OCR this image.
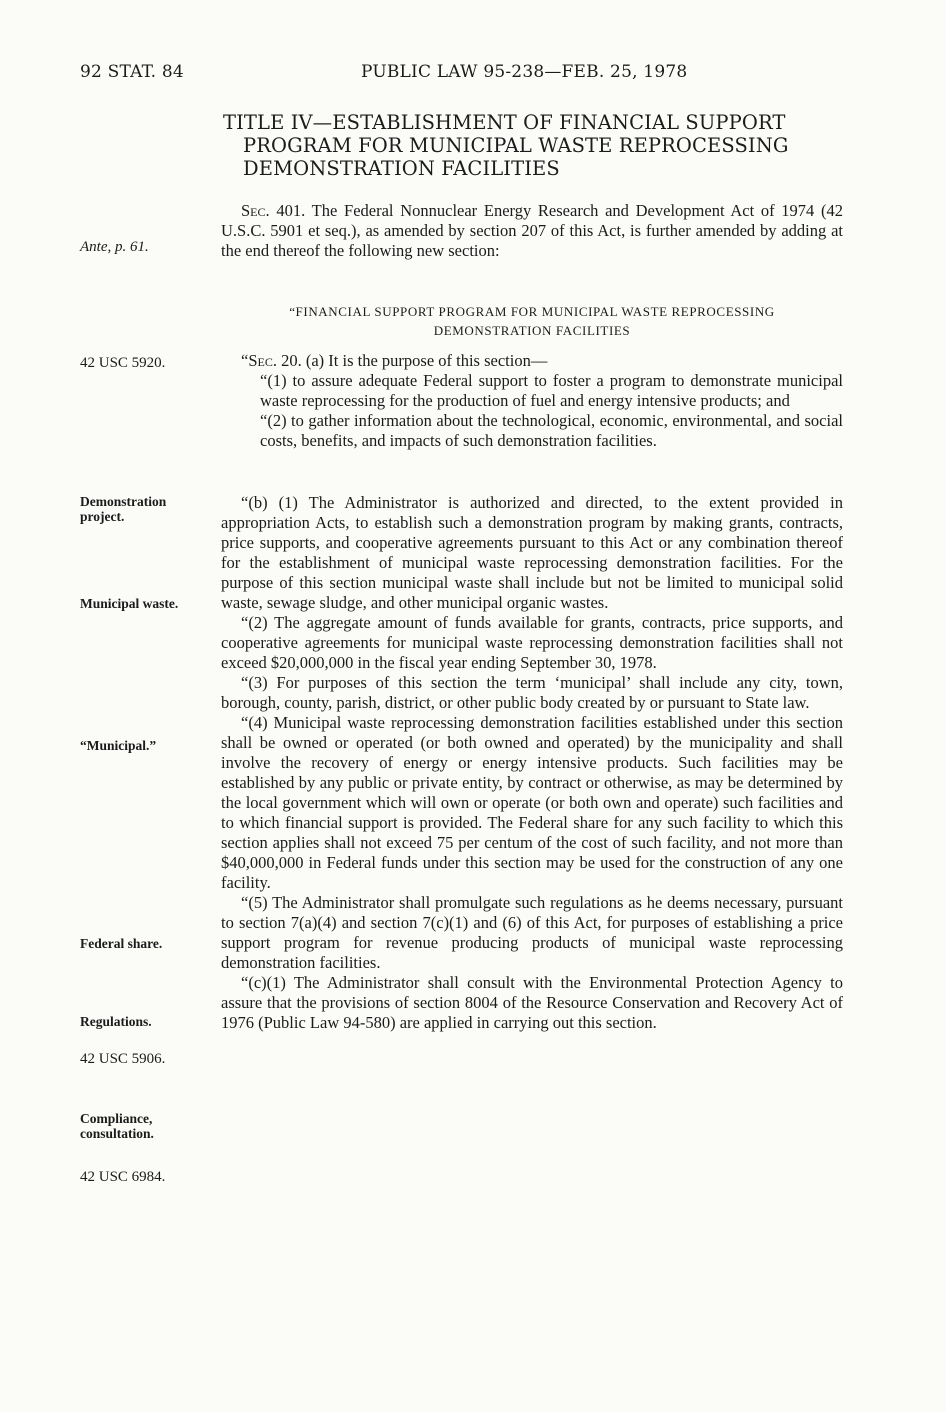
92 STAT. 84	PUBLIC LAW 95-238—FEB. 25, 1978
TITLE IV—ESTABLISHMENT OF FINANCIAL SUPPORT
PROGRAM FOR MUNICIPAL WASTE REPROCESSING
DEMONSTRATION FACILITIES
Ante, p. 61.
42 USC 5920.
Demonstration
project.
Municipal waste.
“Municipal.”
Federal share.
Regulations.
42 USC 5906.
Compliance,
consultation.
42 USC 6984.

Sec. 401. The Federal Nonnuclear Energy Research and Development Act of 1974 (42 U.S.C. 5901 et seq.), as amended by section 207 of this Act, is further amended by adding at the end thereof the following new section:

“FINANCIAL SUPPORT PROGRAM FOR MUNICIPAL WASTE REPROCESSING
DEMONSTRATION FACILITIES

“Sec. 20. (a) It is the purpose of this section—

“(1) to assure adequate Federal support to foster a program to demonstrate municipal waste reprocessing for the production of fuel and energy intensive products; and

“(2) to gather information about the technological, economic, environmental, and social costs, benefits, and impacts of such demonstration facilities.

“(b) (1) The Administrator is authorized and directed, to the extent provided in appropriation Acts, to establish such a demonstration program by making grants, contracts, price supports, and cooperative agreements pursuant to this Act or any combination thereof for the establishment of municipal waste reprocessing demonstration facilities. For the purpose of this section municipal waste shall include but not be limited to municipal solid waste, sewage sludge, and other municipal organic wastes.

“(2) The aggregate amount of funds available for grants, contracts, price supports, and cooperative agreements for municipal waste reprocessing demonstration facilities shall not exceed $20,000,000 in the fiscal year ending September 30, 1978.

“(3) For purposes of this section the term ‘municipal’ shall include any city, town, borough, county, parish, district, or other public body created by or pursuant to State law.

“(4) Municipal waste reprocessing demonstration facilities established under this section shall be owned or operated (or both owned and operated) by the municipality and shall involve the recovery of energy or energy intensive products. Such facilities may be established by any public or private entity, by contract or otherwise, as may be determined by the local government which will own or operate (or both own and operate) such facilities and to which financial support is provided. The Federal share for any such facility to which this section applies shall not exceed 75 per centum of the cost of such facility, and not more than $40,000,000 in Federal funds under this section may be used for the construction of any one facility.

“(5) The Administrator shall promulgate such regulations as he deems necessary, pursuant to section 7(a)(4) and section 7(c)(1) and (6) of this Act, for purposes of establishing a price support program for revenue producing products of municipal waste reprocessing demonstration facilities.

“(c)(1) The Administrator shall consult with the Environmental Protection Agency to assure that the provisions of section 8004 of the Resource Conservation and Recovery Act of 1976 (Public Law 94-580) are applied in carrying out this section.
